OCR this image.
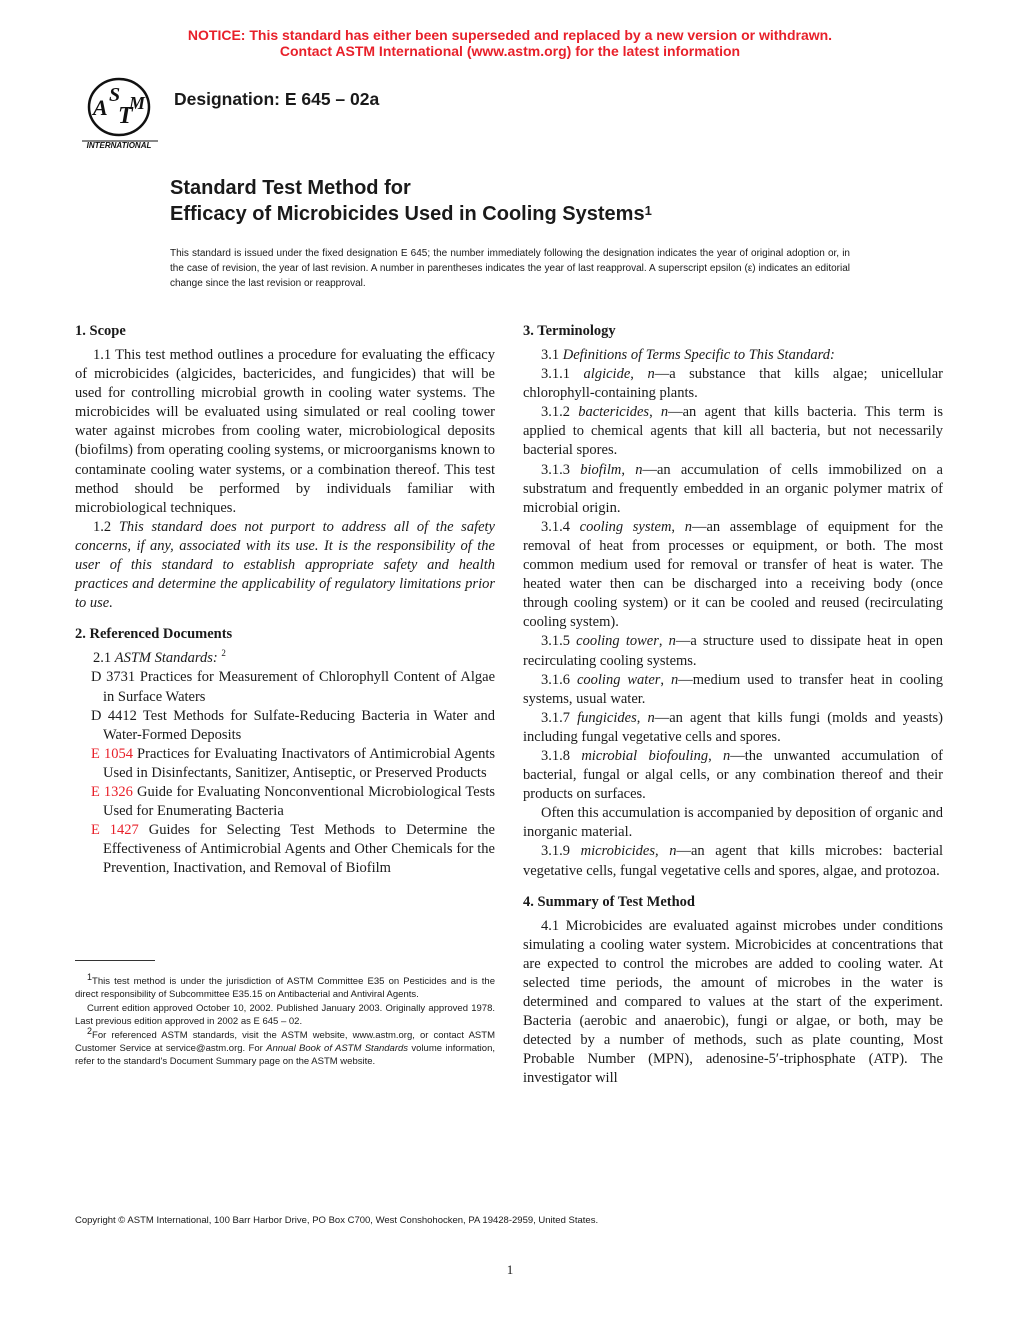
NOTICE: This standard has either been superseded and replaced by a new version or withdrawn.
Contact ASTM International (www.astm.org) for the latest information
A S
T
M
INTERNATIONAL
Designation: E 645 – 02a
Standard Test Method for
Efficacy of Microbicides Used in Cooling Systems$^1$
This standard is issued under the fixed designation E 645; the number immediately following the designation indicates the year of original adoption or, in the case of revision, the year of last revision. A number in parentheses indicates the year of last reapproval. A superscript epsilon (ε) indicates an editorial change since the last revision or reapproval.
1. Scope

1.1 This test method outlines a procedure for evaluating the efficacy of microbicides (algicides, bactericides, and fungicides) that will be used for controlling microbial growth in cooling water systems. The microbicides will be evaluated using simulated or real cooling tower water against microbes from cooling water, microbiological deposits (biofilms) from operating cooling systems, or microorganisms known to contaminate cooling water systems, or a combination thereof. This test method should be performed by individuals familiar with microbiological techniques.

1.2 This standard does not purport to address all of the safety concerns, if any, associated with its use. It is the responsibility of the user of this standard to establish appropriate safety and health practices and determine the applicability of regulatory limitations prior to use.

2. Referenced Documents

2.1 ASTM Standards: $^2$

D 3731 Practices for Measurement of Chlorophyll Content of Algae in Surface Waters

D 4412 Test Methods for Sulfate-Reducing Bacteria in Water and Water-Formed Deposits

E 1054 Practices for Evaluating Inactivators of Antimicrobial Agents Used in Disinfectants, Sanitizer, Antiseptic, or Preserved Products

E 1326 Guide for Evaluating Nonconventional Microbiological Tests Used for Enumerating Bacteria

E 1427 Guides for Selecting Test Methods to Determine the Effectiveness of Antimicrobial Agents and Other Chemicals for the Prevention, Inactivation, and Removal of Biofilm

$^1$This test method is under the jurisdiction of ASTM Committee E35 on Pesticides and is the direct responsibility of Subcommittee E35.15 on Antibacterial and Antiviral Agents.

Current edition approved October 10, 2002. Published January 2003. Originally approved 1978. Last previous edition approved in 2002 as E 645 – 02.

$^2$For referenced ASTM standards, visit the ASTM website, www.astm.org, or contact ASTM Customer Service at service@astm.org. For Annual Book of ASTM Standards volume information, refer to the standard's Document Summary page on the ASTM website.

3. Terminology

3.1 Definitions of Terms Specific to This Standard:

3.1.1 algicide, n—a substance that kills algae; unicellular chlorophyll-containing plants.

3.1.2 bactericides, n—an agent that kills bacteria. This term is applied to chemical agents that kill all bacteria, but not necessarily bacterial spores.

3.1.3 biofilm, n—an accumulation of cells immobilized on a substratum and frequently embedded in an organic polymer matrix of microbial origin.

3.1.4 cooling system, n—an assemblage of equipment for the removal of heat from processes or equipment, or both. The most common medium used for removal or transfer of heat is water. The heated water then can be discharged into a receiving body (once through cooling system) or it can be cooled and reused (recirculating cooling system).

3.1.5 cooling tower, n—a structure used to dissipate heat in open recirculating cooling systems.

3.1.6 cooling water, n—medium used to transfer heat in cooling systems, usual water.

3.1.7 fungicides, n—an agent that kills fungi (molds and yeasts) including fungal vegetative cells and spores.

3.1.8 microbial biofouling, n—the unwanted accumulation of bacterial, fungal or algal cells, or any combination thereof and their products on surfaces.

Often this accumulation is accompanied by deposition of organic and inorganic material.

3.1.9 microbicides, n—an agent that kills microbes: bacterial vegetative cells, fungal vegetative cells and spores, algae, and protozoa.

4. Summary of Test Method

4.1 Microbicides are evaluated against microbes under conditions simulating a cooling water system. Microbicides at concentrations that are expected to control the microbes are added to cooling water. At selected time periods, the amount of microbes in the water is determined and compared to values at the start of the experiment. Bacteria (aerobic and anaerobic), fungi or algae, or both, may be detected by a number of methods, such as plate counting, Most Probable Number (MPN), adenosine-5′-triphosphate (ATP). The investigator will

Copyright © ASTM International, 100 Barr Harbor Drive, PO Box C700, West Conshohocken, PA 19428-2959, United States.
1
